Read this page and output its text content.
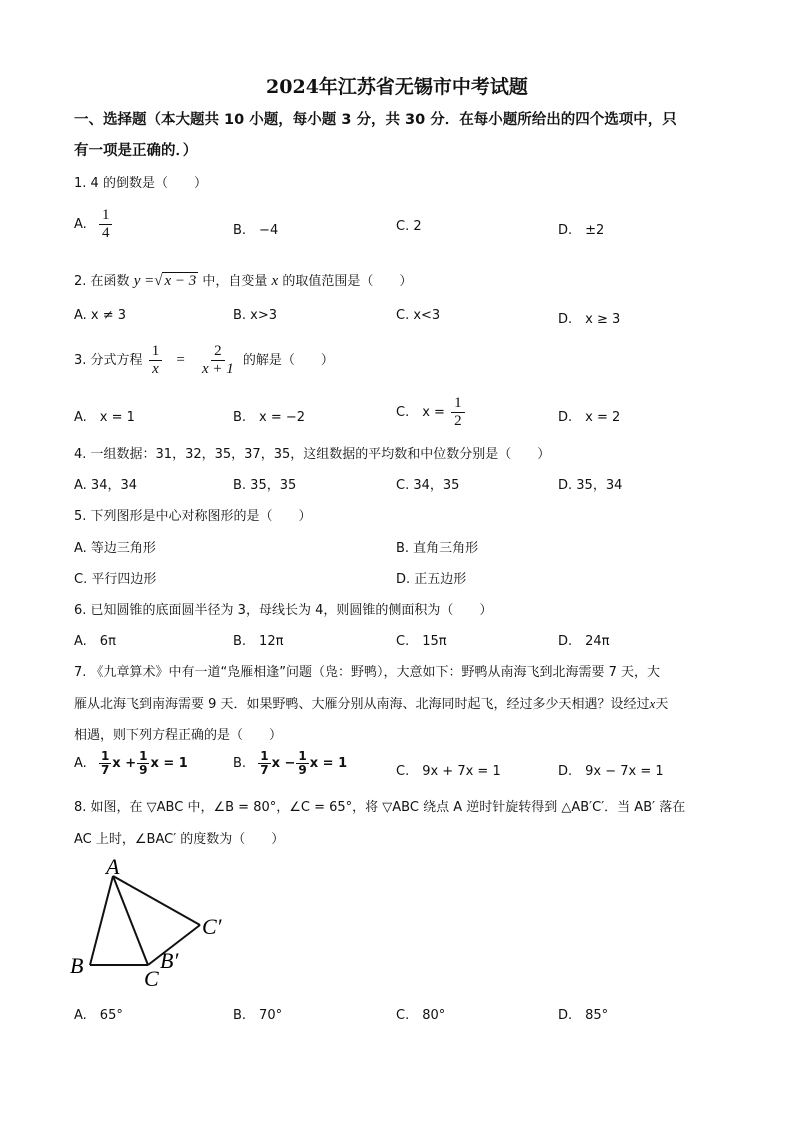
2024年江苏省无锡市中考试题
一、选择题（本大题共 10 小题，每小题 3 分，共 30 分．在每小题所给出的四个选项中，只
有一项是正确的．）
1. 4 的倒数是（　　）
A. $\frac{1}{4}$	B.　−4	C. 2	D.　±2
2. 在函数 y =√ x − 3 中，自变量 x 的取值范围是（　　）
A. x ≠ 3	B. x>3	C. x<3	D.　x ≥ 3
3. 分式方程 $\frac{1}{x} = \frac{2}{x + 1}$ 的解是（　　）
A.　x = 1	B.　x = −2	C.　$x = \frac{1}{2}$	D.　x = 2
4. 一组数据：31，32，35，37，35，这组数据的平均数和中位数分别是（　　）
A. 34，34	B. 35，35	C. 34，35	D. 35，34
5. 下列图形是中心对称图形的是（　　）
A. 等边三角形	B. 直角三角形
C. 平行四边形	D. 正五边形
6. 已知圆锥的底面圆半径为 3，母线长为 4，则圆锥的侧面积为（　　）
A.　6π	B.　12π	C.　15π	D.　24π
7. 《九章算术》中有一道“凫雁相逢”问题（凫：野鸭），大意如下：野鸭从南海飞到北海需要 7 天，大
雁从北海飞到南海需要 9 天．如果野鸭、大雁分别从南海、北海同时起飞，经过多少天相遇？设经过x天
相遇，则下列方程正确的是（　　）
A. $\frac{1}{7}$ $x + \frac{1}{9}$ x = 1	B. $\frac{1}{7}$ $x - \frac{1}{9}$ x = 1
C.　9x + 7x = 1	D.　9x − 7x = 1
8. 如图，在 ▽ABC 中，∠B = 80°，∠C = 65°，将 ▽ABC 绕点 A 逆时针旋转得到 △AB′C′．当 AB′ 落在
AC 上时，∠BAC′ 的度数为（　　）
A
B
C
B′
C′
A.　65°	B.　70°	C.　80°	D.　85°
